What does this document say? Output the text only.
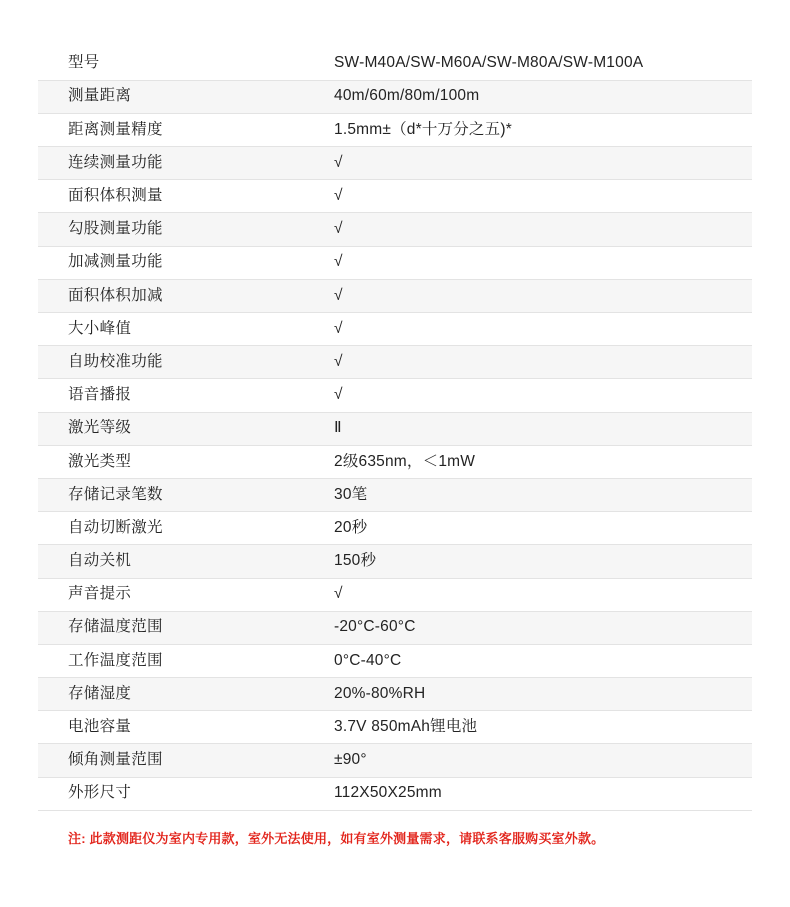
型号	SW-M40A/SW-M60A/SW-M80A/SW-M100A
测量距离	40m/60m/80m/100m
距离测量精度	1.5mm±（d*十万分之五)*
连续测量功能	√
面积体积测量	√
勾股测量功能	√
加减测量功能	√
面积体积加减	√
大小峰值	√
自助校准功能	√
语音播报	√
激光等级	Ⅱ
激光类型	2级635nm，＜1mW
存储记录笔数	30笔
自动切断激光	20秒
自动关机	150秒
声音提示	√
存储温度范围	-20°C-60°C
工作温度范围	0°C-40°C
存储湿度	20%-80%RH
电池容量	3.7V 850mAh锂电池
倾角测量范围	±90°
外形尺寸	112X50X25mm
注: 此款测距仪为室内专用款，室外无法使用，如有室外测量需求，请联系客服购买室外款。
